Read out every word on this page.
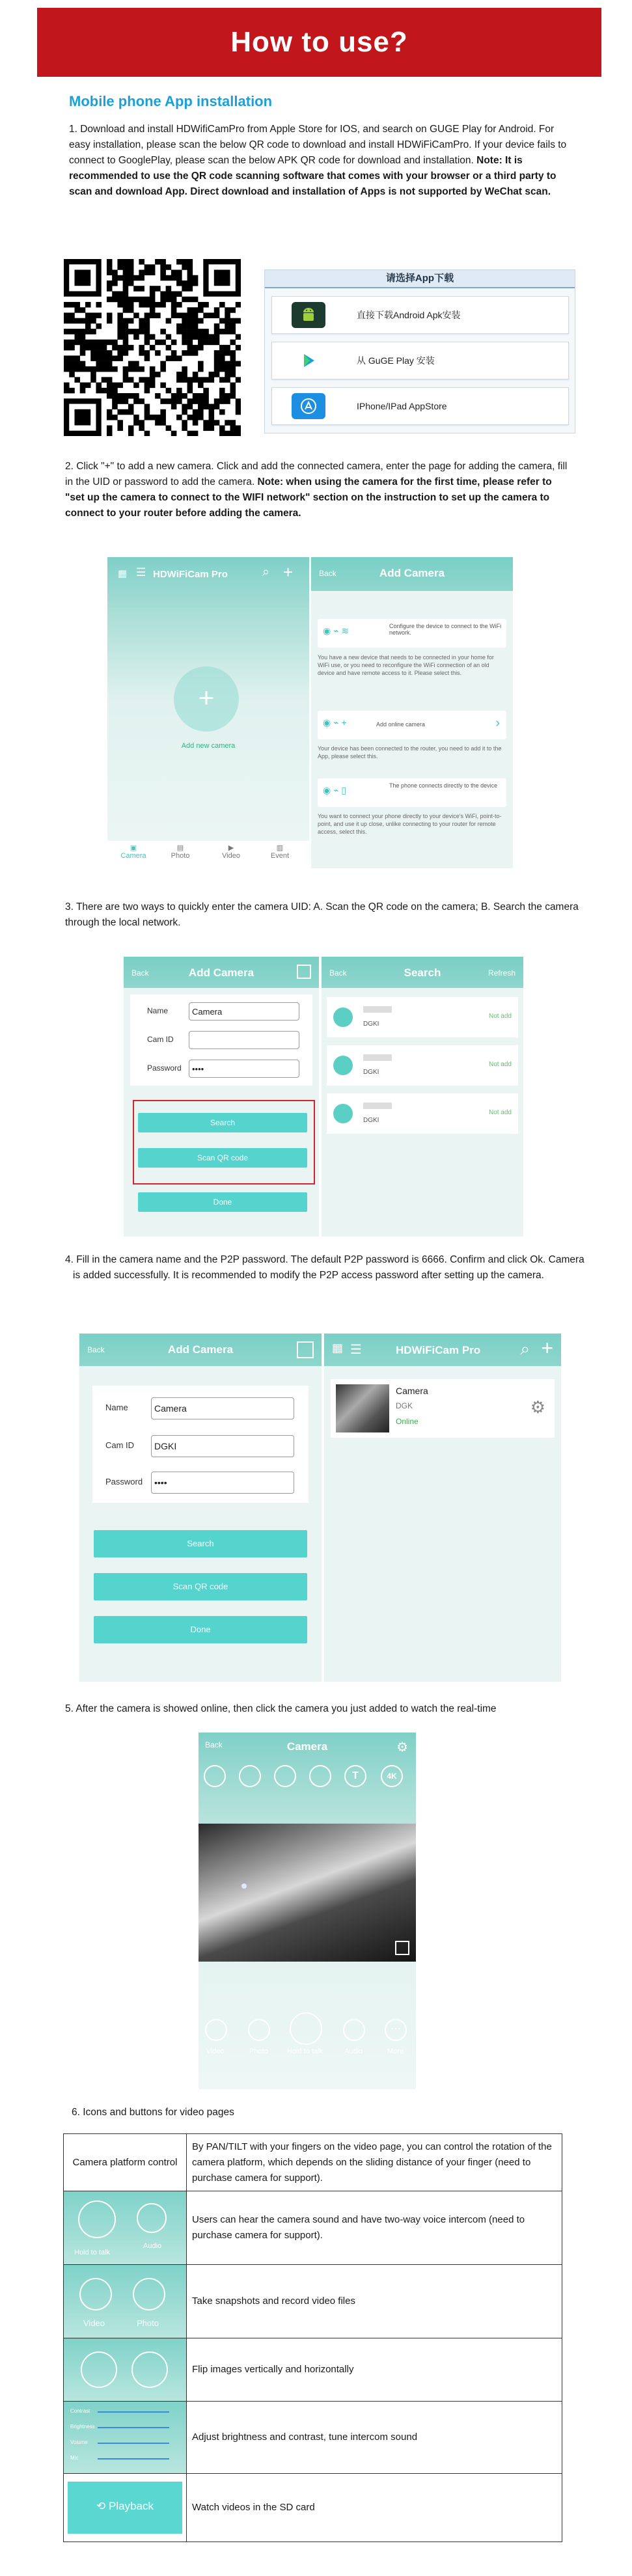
How to use?
Mobile phone App installation
1. Download and install HDWifiCamPro from Apple Store for IOS, and search on GUGE Play for Android. For easy installation, please scan the below QR code to download and install HDWiFiCamPro. If your device fails to connect to GooglePlay, please scan the below APK QR code for download and installation. Note: It is recommended to use the QR code scanning software that comes with your browser or a third party to scan and download App. Direct download and installation of Apps is not supported by WeChat scan.
请选择App下载
直接下载Android Apk安装
从 GuGE Play 安装
IPhone/IPad AppStore
2. Click "+" to add a new camera. Click and add the connected camera, enter the page for adding the camera, fill in the UID or password to add the camera. Note: when using the camera for the first time, please refer to "set up the camera to connect to the WIFI network" section on the instruction to set up the camera to connect to your router before adding the camera.
▦ ☰ HDWiFiCam Pro	⌕ +
+
Add new camera
▣
Camera
▤
Photo
▶
Video
▥
Event
Back	Add Camera
◉ ⌁ ≋	Configure the device to connect to the WiFi network.
You have a new device that needs to be connected in your home for WiFi use, or you need to reconfigure the WiFi connection of an old device and have remote access to it. Please select this.
◉ ⌁ +	Add online camera	›
Your device has been connected to the router, you need to add it to the App, please select this.
◉ ⌁ ▯	The phone connects directly to the device
You want to connect your phone directly to your device's WiFi, point-to-point, and use it up close, unlike connecting to your router for remote access, select this.
3. There are two ways to quickly enter the camera UID: A. Scan the QR code on the camera; B. Search the camera through the local network.
Back	Add Camera
Name	Camera
Cam ID
Password	••••
Search
Scan QR code
Done
Back	Search	Refresh
DGKI
Not add
DGKI
Not add
DGKI
Not add
4. Fill in the camera name and the P2P password. The default P2P password is 6666. Confirm and click Ok. Camera is added successfully. It is recommended to modify the P2P access password after setting up the camera.
Back	Add Camera
Name	Camera
Cam ID	DGKI
Password	••••
Search
Scan QR code
Done
▦ ☰	HDWiFiCam Pro ⌕ +
Camera
DGK
Online
⚙
5. After the camera is showed online, then click the camera you just added to watch the real-time
Back	Camera	⚙
T	4K
Video	Photo	Hold to talk	Audio
⋯
More
6. Icons and buttons for video pages
Camera platform control	By PAN/TILT with your fingers on the video page, you can control the rotation of the camera platform, which depends on the sliding distance of your finger (need to purchase camera for support).

Hold to talk
Audio	Users can hear the camera sound and have two-way voice intercom (need to purchase camera for support).

Video Photo	Take snapshots and record video files

	Flip images vertically and horizontally

Contrast
Brightness
Volume
Mic	Adjust brightness and contrast, tune intercom sound

⟲ Playback	Watch videos in the SD card
